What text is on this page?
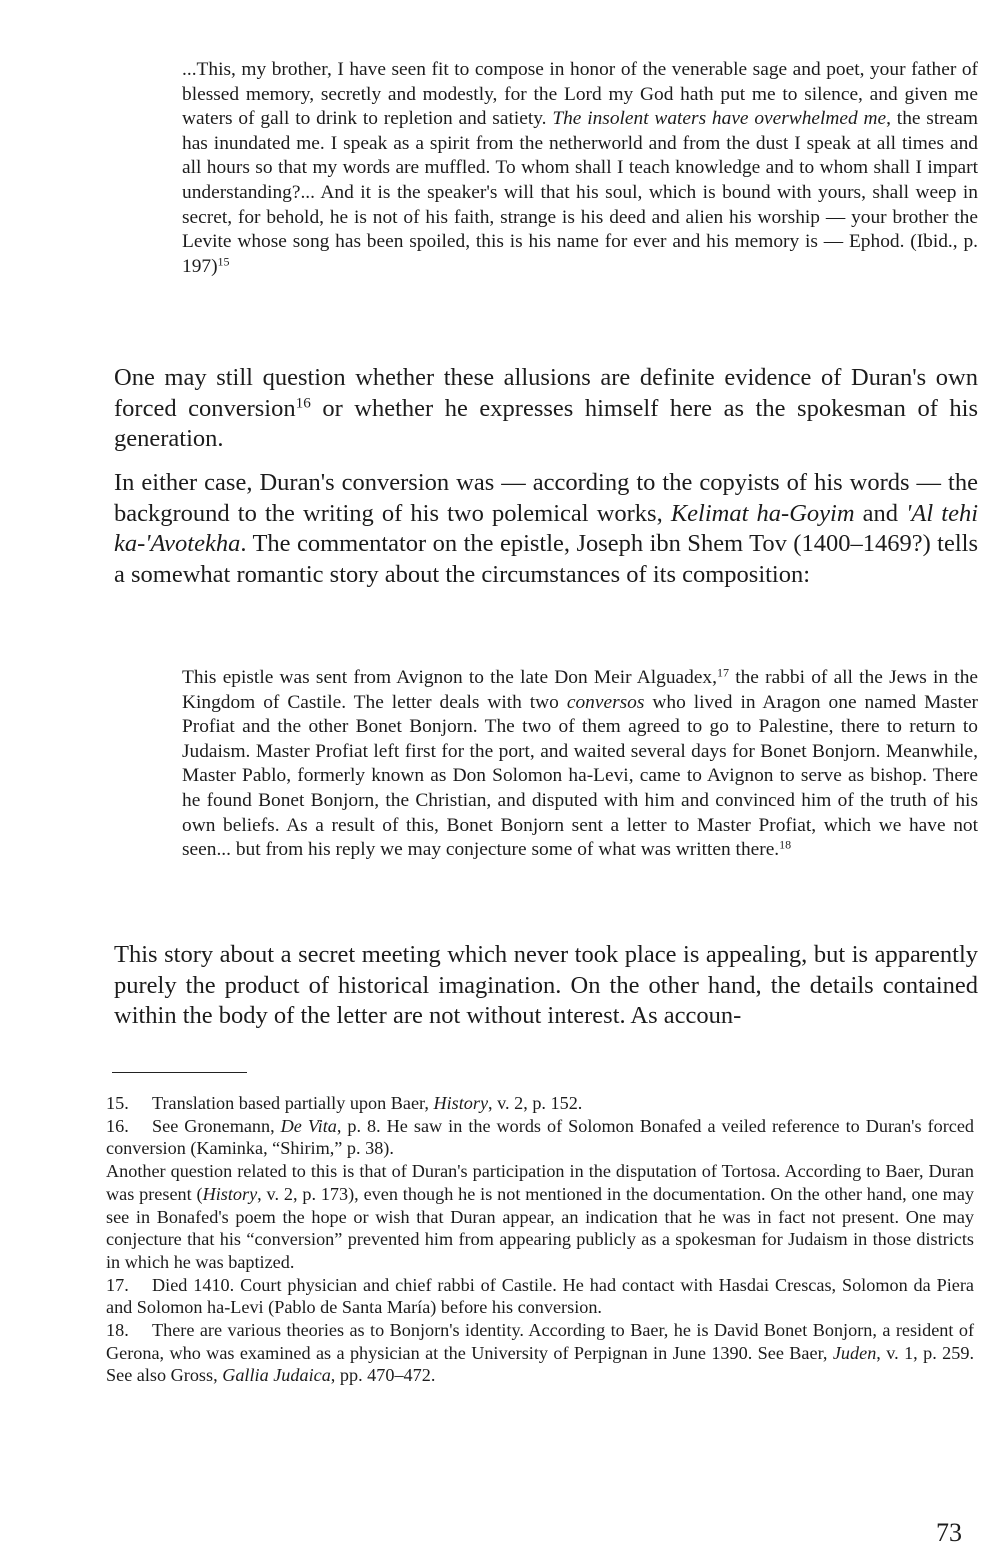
...This, my brother, I have seen fit to compose in honor of the venerable sage and poet, your father of blessed memory, secretly and modestly, for the Lord my God hath put me to silence, and given me waters of gall to drink to repletion and satiety. The insolent waters have overwhelmed me, the stream has inundated me. I speak as a spirit from the netherworld and from the dust I speak at all times and all hours so that my words are muffled. To whom shall I teach knowledge and to whom shall I impart understanding?... And it is the speaker's will that his soul, which is bound with yours, shall weep in secret, for behold, he is not of his faith, strange is his deed and alien his worship — your brother the Levite whose song has been spoiled, this is his name for ever and his memory is — Ephod. (Ibid., p. 197)$^{15}$

One may still question whether these allusions are definite evidence of Duran's own forced conversion$^{16}$ or whether he expresses himself here as the spokesman of his generation.

In either case, Duran's conversion was — according to the copyists of his words — the background to the writing of his two polemical works, Kelimat ha-Goyim and 'Al tehi ka-'Avotekha. The commentator on the epistle, Joseph ibn Shem Tov (1400–1469?) tells a somewhat romantic story about the circumstances of its composition:

This epistle was sent from Avignon to the late Don Meir Alguadex,$^{17}$ the rabbi of all the Jews in the Kingdom of Castile. The letter deals with two conversos who lived in Aragon one named Master Profiat and the other Bonet Bonjorn. The two of them agreed to go to Palestine, there to return to Judaism. Master Profiat left first for the port, and waited several days for Bonet Bonjorn. Meanwhile, Master Pablo, formerly known as Don Solomon ha-Levi, came to Avignon to serve as bishop. There he found Bonet Bonjorn, the Christian, and disputed with him and convinced him of the truth of his own beliefs. As a result of this, Bonet Bonjorn sent a letter to Master Profiat, which we have not seen... but from his reply we may conjecture some of what was written there.$^{18}$

This story about a secret meeting which never took place is appealing, but is apparently purely the product of historical imagination. On the other hand, the details contained within the body of the letter are not without interest. As accoun-

15. Translation based partially upon Baer, History, v. 2, p. 152.

16. See Gronemann, De Vita, p. 8. He saw in the words of Solomon Bonafed a veiled reference to Duran's forced conversion (Kaminka, “Shirim,” p. 38).

Another question related to this is that of Duran's participation in the disputation of Tortosa. According to Baer, Duran was present (History, v. 2, p. 173), even though he is not mentioned in the documentation. On the other hand, one may see in Bonafed's poem the hope or wish that Duran appear, an indication that he was in fact not present. One may conjecture that his “conversion” prevented him from appearing publicly as a spokesman for Judaism in those districts in which he was baptized.

17. Died 1410. Court physician and chief rabbi of Castile. He had contact with Hasdai Crescas, Solomon da Piera and Solomon ha-Levi (Pablo de Santa María) before his conversion.

18. There are various theories as to Bonjorn's identity. According to Baer, he is David Bonet Bonjorn, a resident of Gerona, who was examined as a physician at the University of Perpignan in June 1390. See Baer, Juden, v. 1, p. 259. See also Gross, Gallia Judaica, pp. 470–472.

73
